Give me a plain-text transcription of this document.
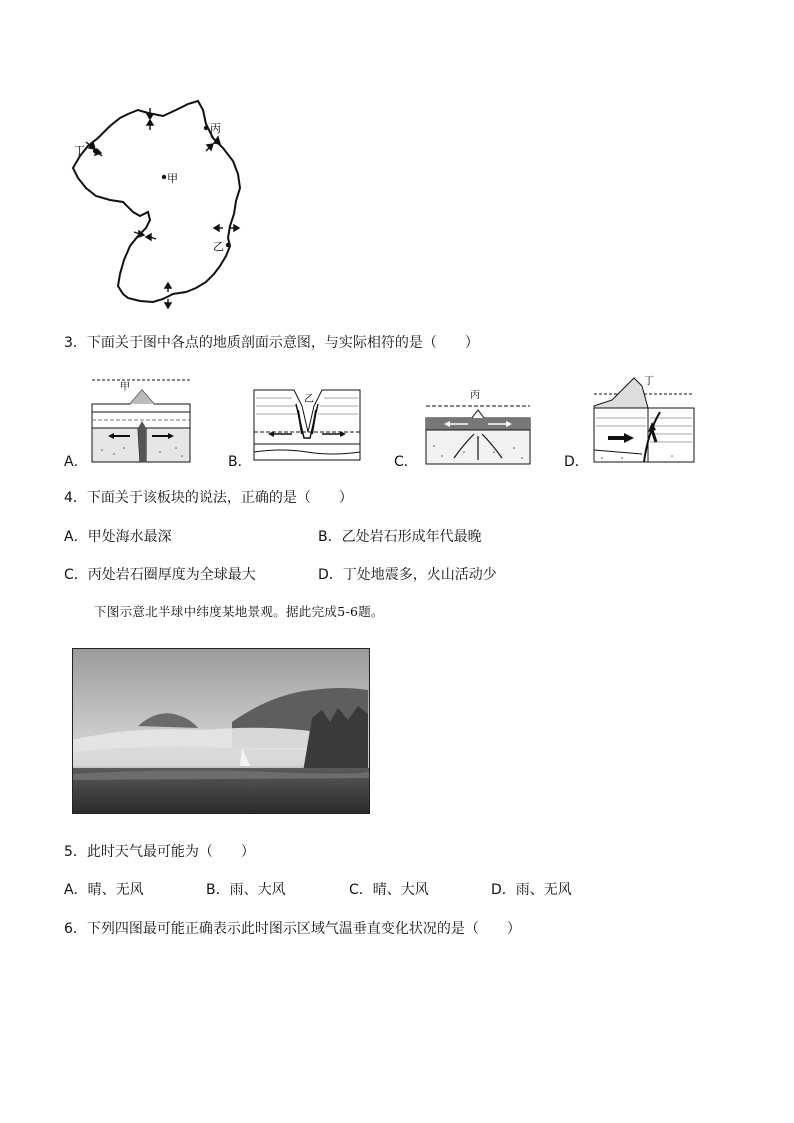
甲
丙
丁
乙
3．下面关于图中各点的地质剖面示意图，与实际相符的是（　　）
A．
甲
B．
乙
C．
丙
D．
丁
4．下面关于该板块的说法，正确的是（　　）
A．甲处海水最深	B．乙处岩石形成年代最晚
C．丙处岩石圈厚度为全球最大	D．丁处地震多，火山活动少
下图示意北半球中纬度某地景观。据此完成5-6题。
5．此时天气最可能为（　　）
A．晴、无风	B．雨、大风	C．晴、大风	D．雨、无风
6．下列四图最可能正确表示此时图示区域气温垂直变化状况的是（　　）
